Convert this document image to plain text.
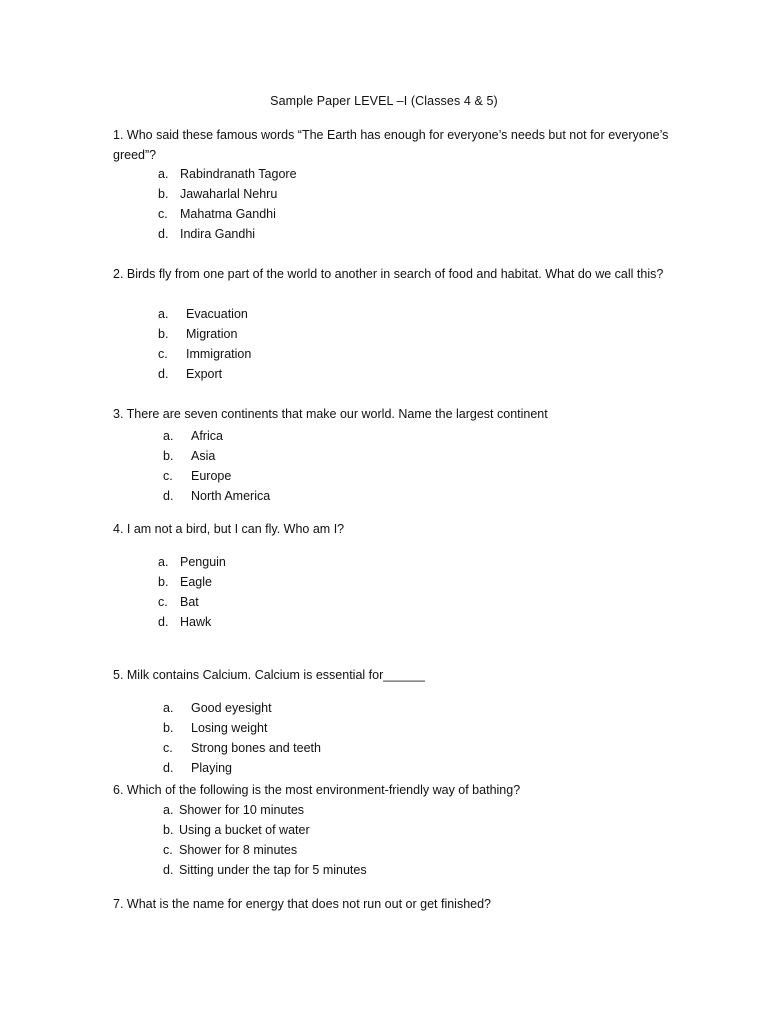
Sample Paper LEVEL –I (Classes 4 & 5)

1. Who said these famous words “The Earth has enough for everyone’s needs but not for everyone’s greed”?

a. Rabindranath Tagore
b. Jawaharlal Nehru
c. Mahatma Gandhi
d. Indira Gandhi

2. Birds fly from one part of the world to another in search of food and habitat. What do we call this?

a. Evacuation
b. Migration
c. Immigration
d. Export

3. There are seven continents that make our world. Name the largest continent

a. Africa
b. Asia
c. Europe
d. North America

4. I am not a bird, but I can fly. Who am I?

a. Penguin
b. Eagle
c. Bat
d. Hawk

5. Milk contains Calcium. Calcium is essential for______

a. Good eyesight
b. Losing weight
c. Strong bones and teeth
d. Playing

6. Which of the following is the most environment-friendly way of bathing?

a. Shower for 10 minutes
b. Using a bucket of water
c. Shower for 8 minutes
d. Sitting under the tap for 5 minutes

7. What is the name for energy that does not run out or get finished?
